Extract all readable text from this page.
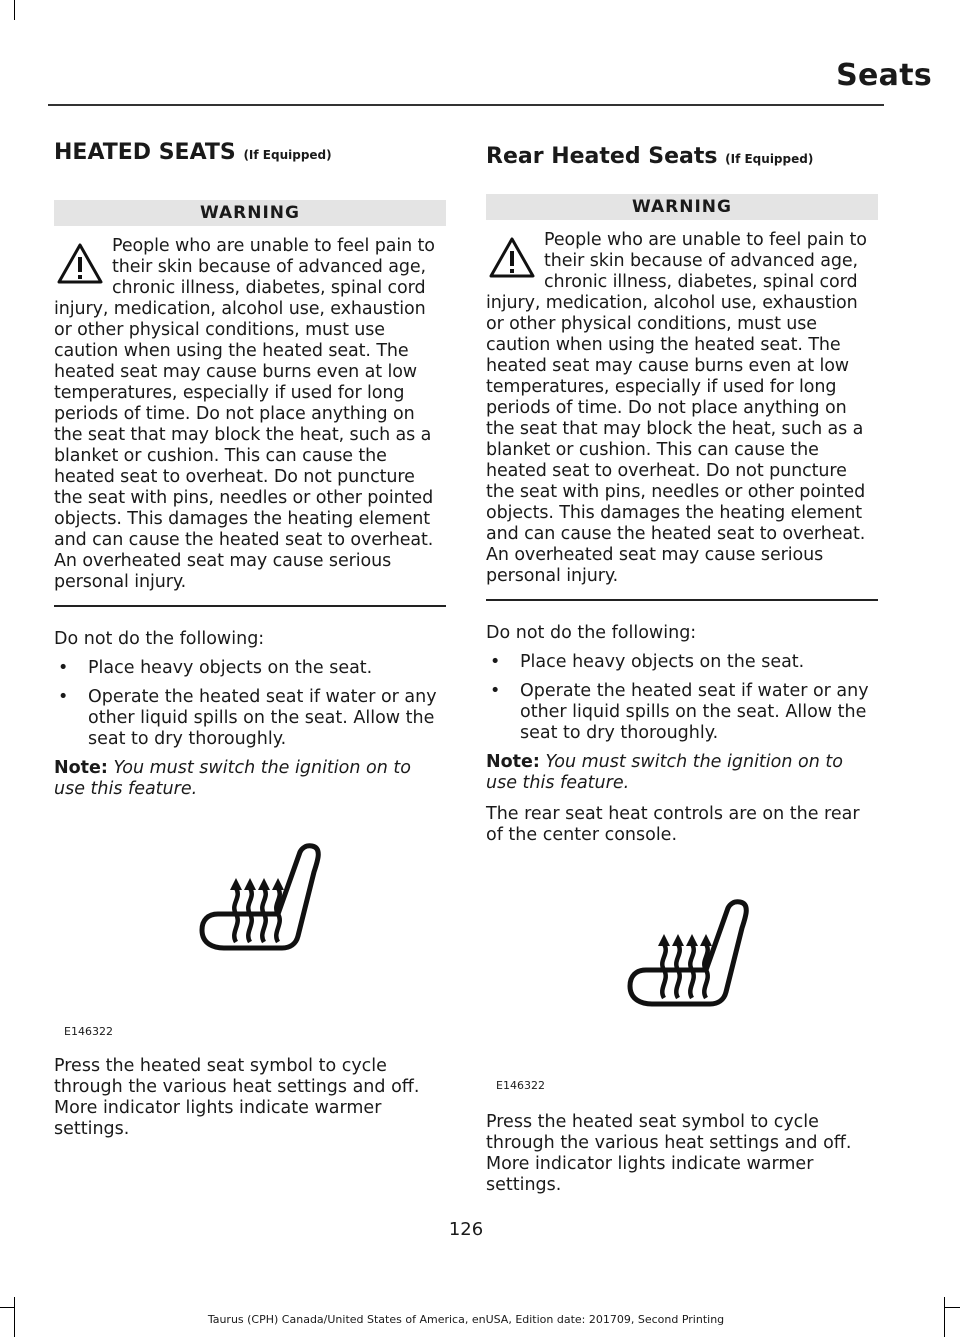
Seats
HEATED SEATS (If Equipped)
WARNING
People who are unable to feel pain to their skin because of advanced age, chronic illness, diabetes, spinal cord injury, medication, alcohol use, exhaustion or other physical conditions, must use caution when using the heated seat. The heated seat may cause burns even at low temperatures, especially if used for long periods of time. Do not place anything on the seat that may block the heat, such as a blanket or cushion. This can cause the heated seat to overheat. Do not puncture the seat with pins, needles or other pointed objects. This damages the heating element and can cause the heated seat to overheat. An overheated seat may cause serious personal injury.

Do not do the following:

• Place heavy objects on the seat.
• Operate the heated seat if water or any other liquid spills on the seat. Allow the seat to dry thoroughly.

Note: You must switch the ignition on to use this feature.

E146322

Press the heated seat symbol to cycle through the various heat settings and off. More indicator lights indicate warmer settings.

Rear Heated Seats (If Equipped)
WARNING
People who are unable to feel pain to their skin because of advanced age, chronic illness, diabetes, spinal cord injury, medication, alcohol use, exhaustion or other physical conditions, must use caution when using the heated seat. The heated seat may cause burns even at low temperatures, especially if used for long periods of time. Do not place anything on the seat that may block the heat, such as a blanket or cushion. This can cause the heated seat to overheat. Do not puncture the seat with pins, needles or other pointed objects. This damages the heating element and can cause the heated seat to overheat. An overheated seat may cause serious personal injury.

Do not do the following:

• Place heavy objects on the seat.
• Operate the heated seat if water or any other liquid spills on the seat. Allow the seat to dry thoroughly.

Note: You must switch the ignition on to use this feature.

The rear seat heat controls are on the rear of the center console.

E146322

Press the heated seat symbol to cycle through the various heat settings and off. More indicator lights indicate warmer settings.

126
Taurus (CPH) Canada/United States of America, enUSA, Edition date: 201709, Second Printing
